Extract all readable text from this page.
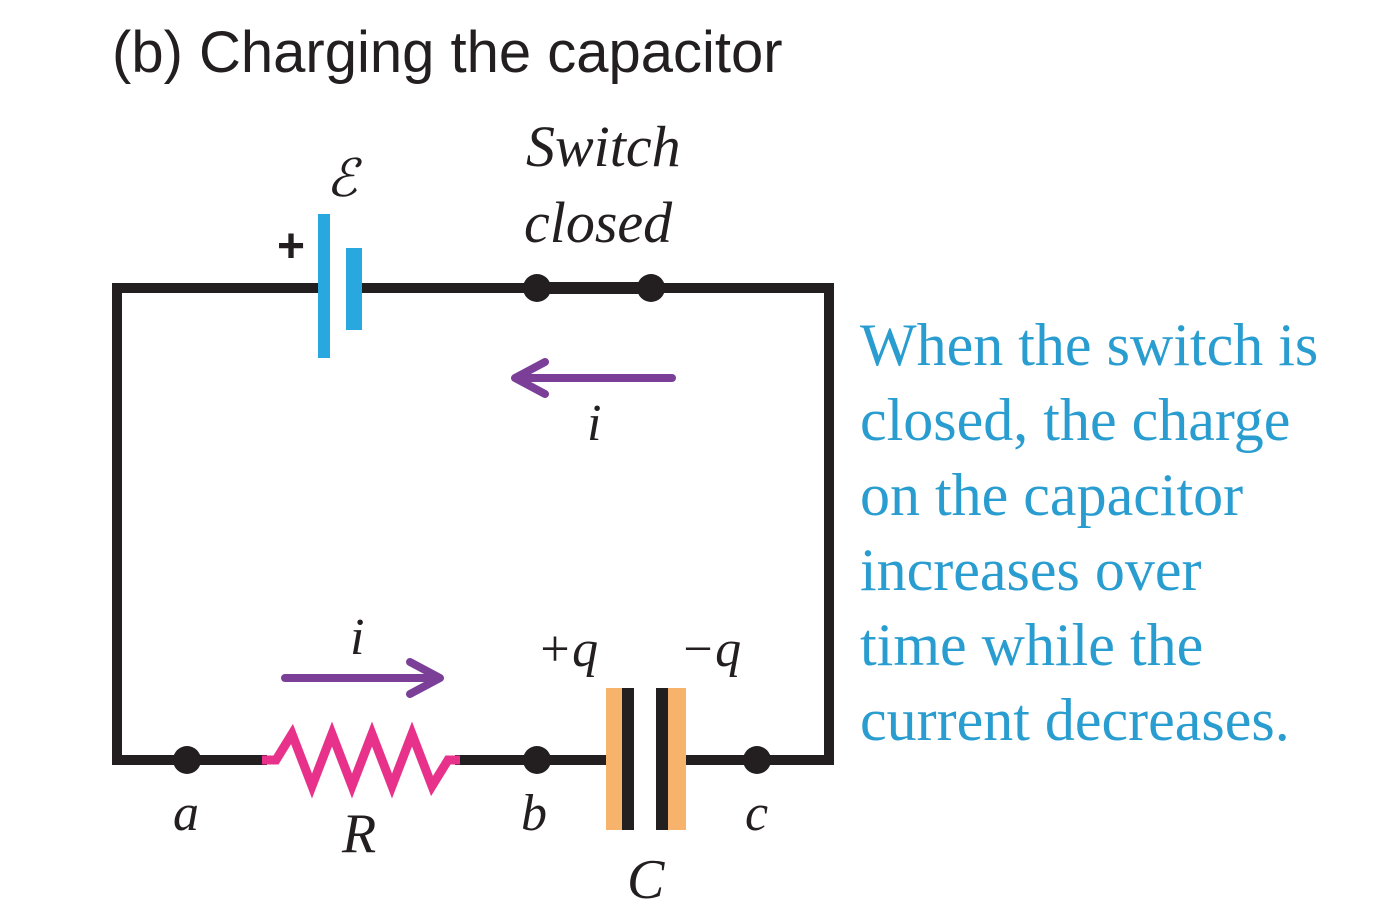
(b) Charging the capacitor
+
ℰ
Switch
closed
i
i	+q −q
a	b	c
R
C
When the switch is
closed, the charge
on the capacitor
increases over
time while the
current decreases.
